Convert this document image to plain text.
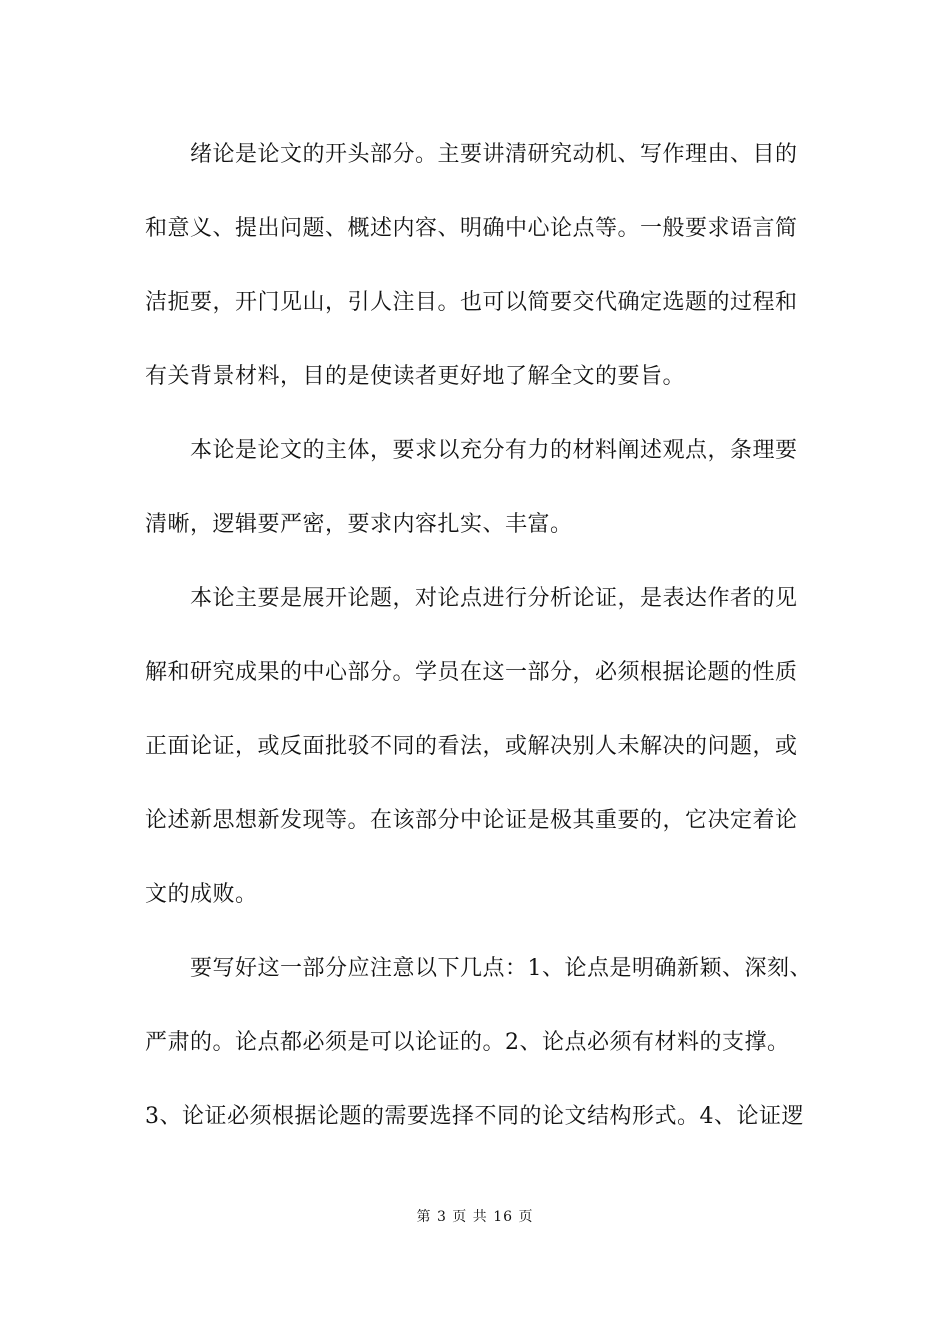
　　绪论是论文的开头部分。主要讲清研究动机、写作理由、目的
和意义、提出问题、概述内容、明确中心论点等。一般要求语言简
洁扼要，开门见山，引人注目。也可以简要交代确定选题的过程和
有关背景材料，目的是使读者更好地了解全文的要旨。
　　本论是论文的主体，要求以充分有力的材料阐述观点，条理要
清晰，逻辑要严密，要求内容扎实、丰富。
　　本论主要是展开论题，对论点进行分析论证，是表达作者的见
解和研究成果的中心部分。学员在这一部分，必须根据论题的性质
正面论证，或反面批驳不同的看法，或解决别人未解决的问题，或
论述新思想新发现等。在该部分中论证是极其重要的，它决定着论
文的成败。
　　要写好这一部分应注意以下几点：1、论点是明确新颖、深刻、
严肃的。论点都必须是可以论证的。2、论点必须有材料的支撑。
3、论证必须根据论题的需要选择不同的论文结构形式。4、论证逻
第 3 页 共 16 页
